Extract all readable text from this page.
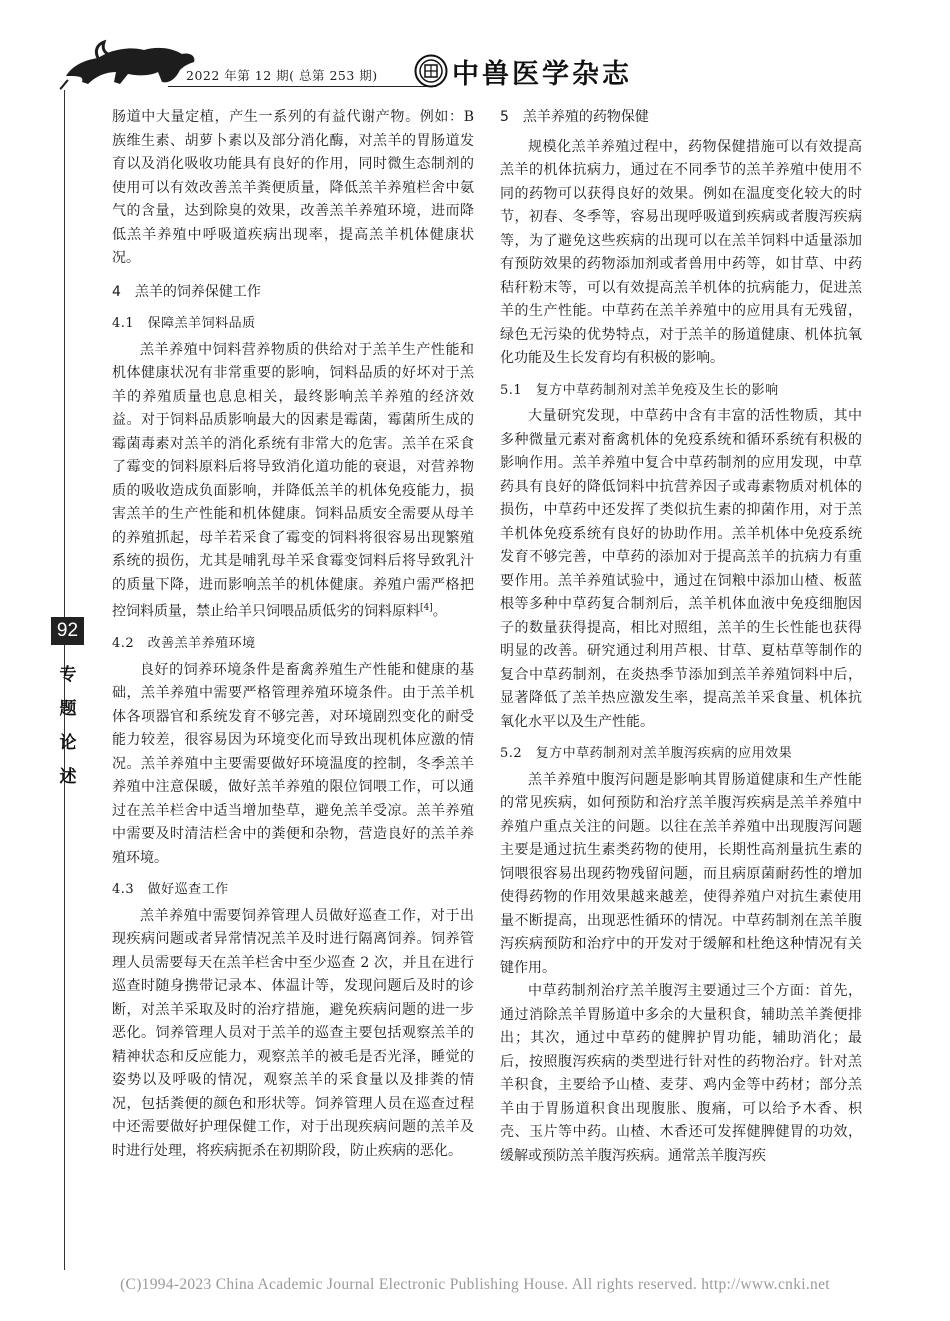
2022 年第 12 期( 总第 253 期)	中兽医学杂志
92
专
题
论
述

肠道中大量定植，产生一系列的有益代谢产物。例如：B 族维生素、胡萝卜素以及部分消化酶，对羔羊的胃肠道发育以及消化吸收功能具有良好的作用，同时微生态制剂的使用可以有效改善羔羊粪便质量，降低羔羊养殖栏舍中氨气的含量，达到除臭的效果，改善羔羊养殖环境，进而降低羔羊养殖中呼吸道疾病出现率，提高羔羊机体健康状况。

4　羔羊的饲养保健工作
4.1　保障羔羊饲料品质

羔羊养殖中饲料营养物质的供给对于羔羊生产性能和机体健康状况有非常重要的影响，饲料品质的好坏对于羔羊的养殖质量也息息相关，最终影响羔羊养殖的经济效益。对于饲料品质影响最大的因素是霉菌，霉菌所生成的霉菌毒素对羔羊的消化系统有非常大的危害。羔羊在采食了霉变的饲料原料后将导致消化道功能的衰退，对营养物质的吸收造成负面影响，并降低羔羊的机体免疫能力，损害羔羊的生产性能和机体健康。饲料品质安全需要从母羊的养殖抓起，母羊若采食了霉变的饲料将很容易出现繁殖系统的损伤，尤其是哺乳母羊采食霉变饲料后将导致乳汁的质量下降，进而影响羔羊的机体健康。养殖户需严格把控饲料质量，禁止给羊只饲喂品质低劣的饲料原料[4]。

4.2　改善羔羊养殖环境

良好的饲养环境条件是畜禽养殖生产性能和健康的基础，羔羊养殖中需要严格管理养殖环境条件。由于羔羊机体各项器官和系统发育不够完善，对环境剧烈变化的耐受能力较差，很容易因为环境变化而导致出现机体应激的情况。羔羊养殖中主要需要做好环境温度的控制，冬季羔羊养殖中注意保暖，做好羔羊养殖的限位饲喂工作，可以通过在羔羊栏舍中适当增加垫草，避免羔羊受凉。羔羊养殖中需要及时清洁栏舍中的粪便和杂物，营造良好的羔羊养殖环境。

4.3　做好巡查工作

羔羊养殖中需要饲养管理人员做好巡查工作，对于出现疾病问题或者异常情况羔羊及时进行隔离饲养。饲养管理人员需要每天在羔羊栏舍中至少巡查 2 次，并且在进行巡查时随身携带记录本、体温计等，发现问题后及时的诊断，对羔羊采取及时的治疗措施，避免疾病问题的进一步恶化。饲养管理人员对于羔羊的巡查主要包括观察羔羊的精神状态和反应能力，观察羔羊的被毛是否光泽，睡觉的姿势以及呼吸的情况，观察羔羊的采食量以及排粪的情况，包括粪便的颜色和形状等。饲养管理人员在巡查过程中还需要做好护理保健工作，对于出现疾病问题的羔羊及时进行处理，将疾病扼杀在初期阶段，防止疾病的恶化。

5　羔羊养殖的药物保健

规模化羔羊养殖过程中，药物保健措施可以有效提高羔羊的机体抗病力，通过在不同季节的羔羊养殖中使用不同的药物可以获得良好的效果。例如在温度变化较大的时节，初春、冬季等，容易出现呼吸道到疾病或者腹泻疾病等，为了避免这些疾病的出现可以在羔羊饲料中适量添加有预防效果的药物添加剂或者兽用中药等，如甘草、中药秸秆粉末等，可以有效提高羔羊机体的抗病能力，促进羔羊的生产性能。中草药在羔羊养殖中的应用具有无残留，绿色无污染的优势特点，对于羔羊的肠道健康、机体抗氧化功能及生长发育均有积极的影响。

5.1　复方中草药制剂对羔羊免疫及生长的影响

大量研究发现，中草药中含有丰富的活性物质，其中多种微量元素对畜禽机体的免疫系统和循环系统有积极的影响作用。羔羊养殖中复合中草药制剂的应用发现，中草药具有良好的降低饲料中抗营养因子或毒素物质对机体的损伤，中草药中还发挥了类似抗生素的抑菌作用，对于羔羊机体免疫系统有良好的协助作用。羔羊机体中免疫系统发育不够完善，中草药的添加对于提高羔羊的抗病力有重要作用。羔羊养殖试验中，通过在饲粮中添加山楂、板蓝根等多种中草药复合制剂后，羔羊机体血液中免疫细胞因子的数量获得提高，相比对照组，羔羊的生长性能也获得明显的改善。研究通过利用芦根、甘草、夏枯草等制作的复合中草药制剂，在炎热季节添加到羔羊养殖饲料中后，显著降低了羔羊热应激发生率，提高羔羊采食量、机体抗氧化水平以及生产性能。

5.2　复方中草药制剂对羔羊腹泻疾病的应用效果

羔羊养殖中腹泻问题是影响其胃肠道健康和生产性能的常见疾病，如何预防和治疗羔羊腹泻疾病是羔羊养殖中养殖户重点关注的问题。以往在羔羊养殖中出现腹泻问题主要是通过抗生素类药物的使用，长期性高剂量抗生素的饲喂很容易出现药物残留问题，而且病原菌耐药性的增加使得药物的作用效果越来越差，使得养殖户对抗生素使用量不断提高，出现恶性循环的情况。中草药制剂在羔羊腹泻疾病预防和治疗中的开发对于缓解和杜绝这种情况有关键作用。

中草药制剂治疗羔羊腹泻主要通过三个方面：首先，通过消除羔羊胃肠道中多余的大量积食，辅助羔羊粪便排出；其次，通过中草药的健脾护胃功能，辅助消化；最后，按照腹泻疾病的类型进行针对性的药物治疗。针对羔羊积食，主要给予山楂、麦芽、鸡内金等中药材；部分羔羊由于胃肠道积食出现腹胀、腹痛，可以给予木香、枳壳、玉片等中药。山楂、木香还可发挥健脾健胃的功效，缓解或预防羔羊腹泻疾病。通常羔羊腹泻疾

(C)1994-2023 China Academic Journal Electronic Publishing House. All rights reserved. http://www.cnki.net
